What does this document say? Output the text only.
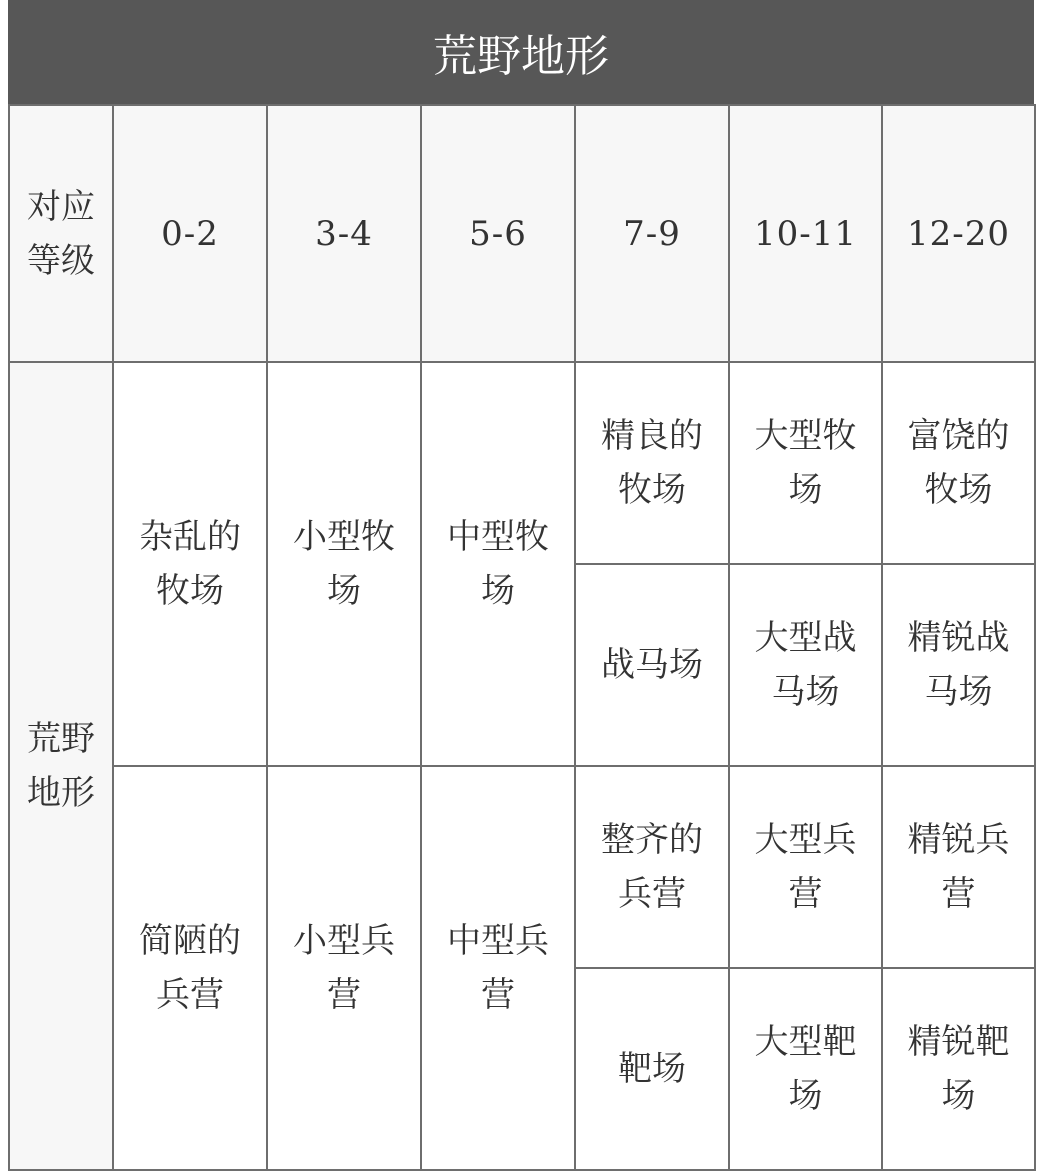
荒野地形
对应等级	0-2	3-4	5-6	7-9	10-11	12-20
荒野地形	杂乱的牧场	小型牧场	中型牧场	精良的牧场	大型牧场	富饶的牧场
				战马场	大型战马场	精锐战马场
	简陋的兵营	小型兵营	中型兵营	整齐的兵营	大型兵营	精锐兵营
				靶场	大型靶场	精锐靶场
